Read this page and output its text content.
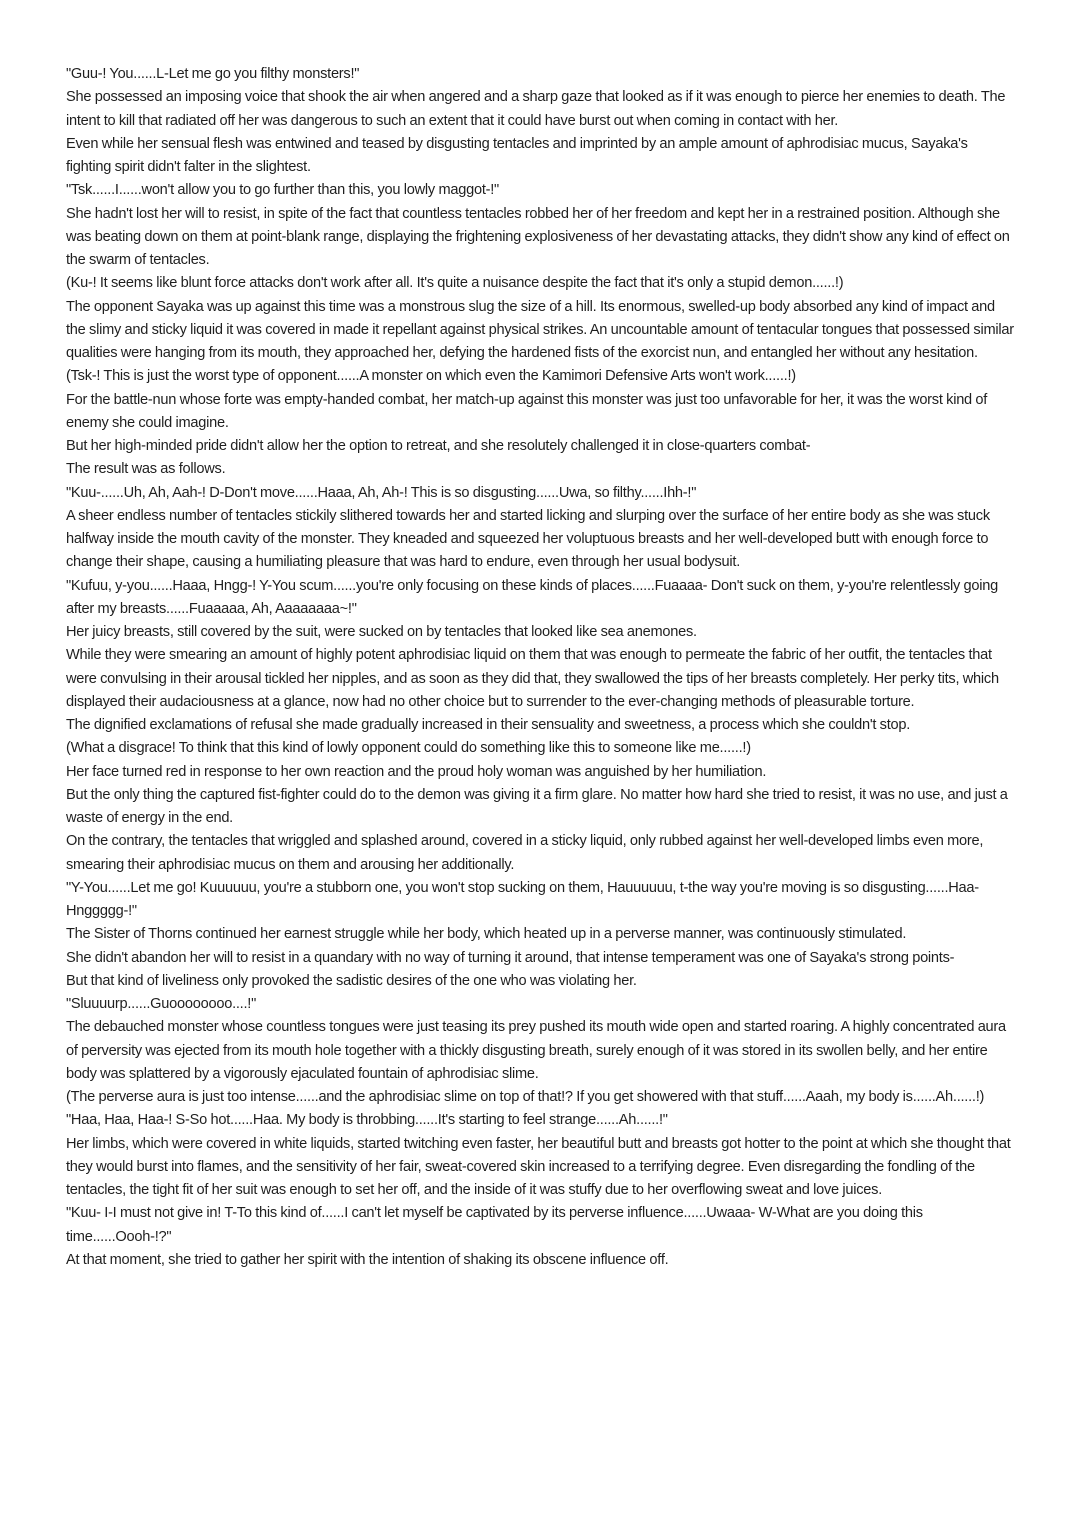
"Guu-! You......L-Let me go you filthy monsters!"

She possessed an imposing voice that shook the air when angered and a sharp gaze that looked as if it was enough to pierce her enemies to death. The intent to kill that radiated off her was dangerous to such an extent that it could have burst out when coming in contact with her.

Even while her sensual flesh was entwined and teased by disgusting tentacles and imprinted by an ample amount of aphrodisiac mucus, Sayaka's fighting spirit didn't falter in the slightest.

"Tsk......I......won't allow you to go further than this, you lowly maggot-!"

She hadn't lost her will to resist, in spite of the fact that countless tentacles robbed her of her freedom and kept her in a restrained position. Although she was beating down on them at point-blank range, displaying the frightening explosiveness of her devastating attacks, they didn't show any kind of effect on the swarm of tentacles.

(Ku-! It seems like blunt force attacks don't work after all. It's quite a nuisance despite the fact that it's only a stupid demon......!)

The opponent Sayaka was up against this time was a monstrous slug the size of a hill. Its enormous, swelled-up body absorbed any kind of impact and the slimy and sticky liquid it was covered in made it repellant against physical strikes. An uncountable amount of tentacular tongues that possessed similar qualities were hanging from its mouth, they approached her, defying the hardened fists of the exorcist nun, and entangled her without any hesitation.

(Tsk-! This is just the worst type of opponent......A monster on which even the Kamimori Defensive Arts won't work......!)

For the battle-nun whose forte was empty-handed combat, her match-up against this monster was just too unfavorable for her, it was the worst kind of enemy she could imagine.

But her high-minded pride didn't allow her the option to retreat, and she resolutely challenged it in close-quarters combat-

The result was as follows.

"Kuu-......Uh, Ah, Aah-! D-Don't move......Haaa, Ah, Ah-! This is so disgusting......Uwa, so filthy......Ihh-!"

A sheer endless number of tentacles stickily slithered towards her and started licking and slurping over the surface of her entire body as she was stuck halfway inside the mouth cavity of the monster. They kneaded and squeezed her voluptuous breasts and her well-developed butt with enough force to change their shape, causing a humiliating pleasure that was hard to endure, even through her usual bodysuit.

"Kufuu, y-you......Haaa, Hngg-! Y-You scum......you're only focusing on these kinds of places......Fuaaaa- Don't suck on them, y-you're relentlessly going after my breasts......Fuaaaaa, Ah, Aaaaaaaa~!"

Her juicy breasts, still covered by the suit, were sucked on by tentacles that looked like sea anemones.

While they were smearing an amount of highly potent aphrodisiac liquid on them that was enough to permeate the fabric of her outfit, the tentacles that were convulsing in their arousal tickled her nipples, and as soon as they did that, they swallowed the tips of her breasts completely. Her perky tits, which displayed their audaciousness at a glance, now had no other choice but to surrender to the ever-changing methods of pleasurable torture.

The dignified exclamations of refusal she made gradually increased in their sensuality and sweetness, a process which she couldn't stop.

(What a disgrace! To think that this kind of lowly opponent could do something like this to someone like me......!)

Her face turned red in response to her own reaction and the proud holy woman was anguished by her humiliation.

But the only thing the captured fist-fighter could do to the demon was giving it a firm glare. No matter how hard she tried to resist, it was no use, and just a waste of energy in the end.

On the contrary, the tentacles that wriggled and splashed around, covered in a sticky liquid, only rubbed against her well-developed limbs even more, smearing their aphrodisiac mucus on them and arousing her additionally.

"Y-You......Let me go! Kuuuuuu, you're a stubborn one, you won't stop sucking on them, Hauuuuuu, t-the way you're moving is so disgusting......Haa- Hnggggg-!"

The Sister of Thorns continued her earnest struggle while her body, which heated up in a perverse manner, was continuously stimulated.

She didn't abandon her will to resist in a quandary with no way of turning it around, that intense temperament was one of Sayaka's strong points-

But that kind of liveliness only provoked the sadistic desires of the one who was violating her.

"Sluuuurp......Guoooooooo....!"

The debauched monster whose countless tongues were just teasing its prey pushed its mouth wide open and started roaring. A highly concentrated aura of perversity was ejected from its mouth hole together with a thickly disgusting breath, surely enough of it was stored in its swollen belly, and her entire body was splattered by a vigorously ejaculated fountain of aphrodisiac slime.

(The perverse aura is just too intense......and the aphrodisiac slime on top of that!? If you get showered with that stuff......Aaah, my body is......Ah......!)

"Haa, Haa, Haa-! S-So hot......Haa. My body is throbbing......It's starting to feel strange......Ah......!"

Her limbs, which were covered in white liquids, started twitching even faster, her beautiful butt and breasts got hotter to the point at which she thought that they would burst into flames, and the sensitivity of her fair, sweat-covered skin increased to a terrifying degree. Even disregarding the fondling of the tentacles, the tight fit of her suit was enough to set her off, and the inside of it was stuffy due to her overflowing sweat and love juices.

"Kuu- I-I must not give in! T-To this kind of......I can't let myself be captivated by its perverse influence......Uwaaa- W-What are you doing this time......Oooh-!?"

At that moment, she tried to gather her spirit with the intention of shaking its obscene influence off.
